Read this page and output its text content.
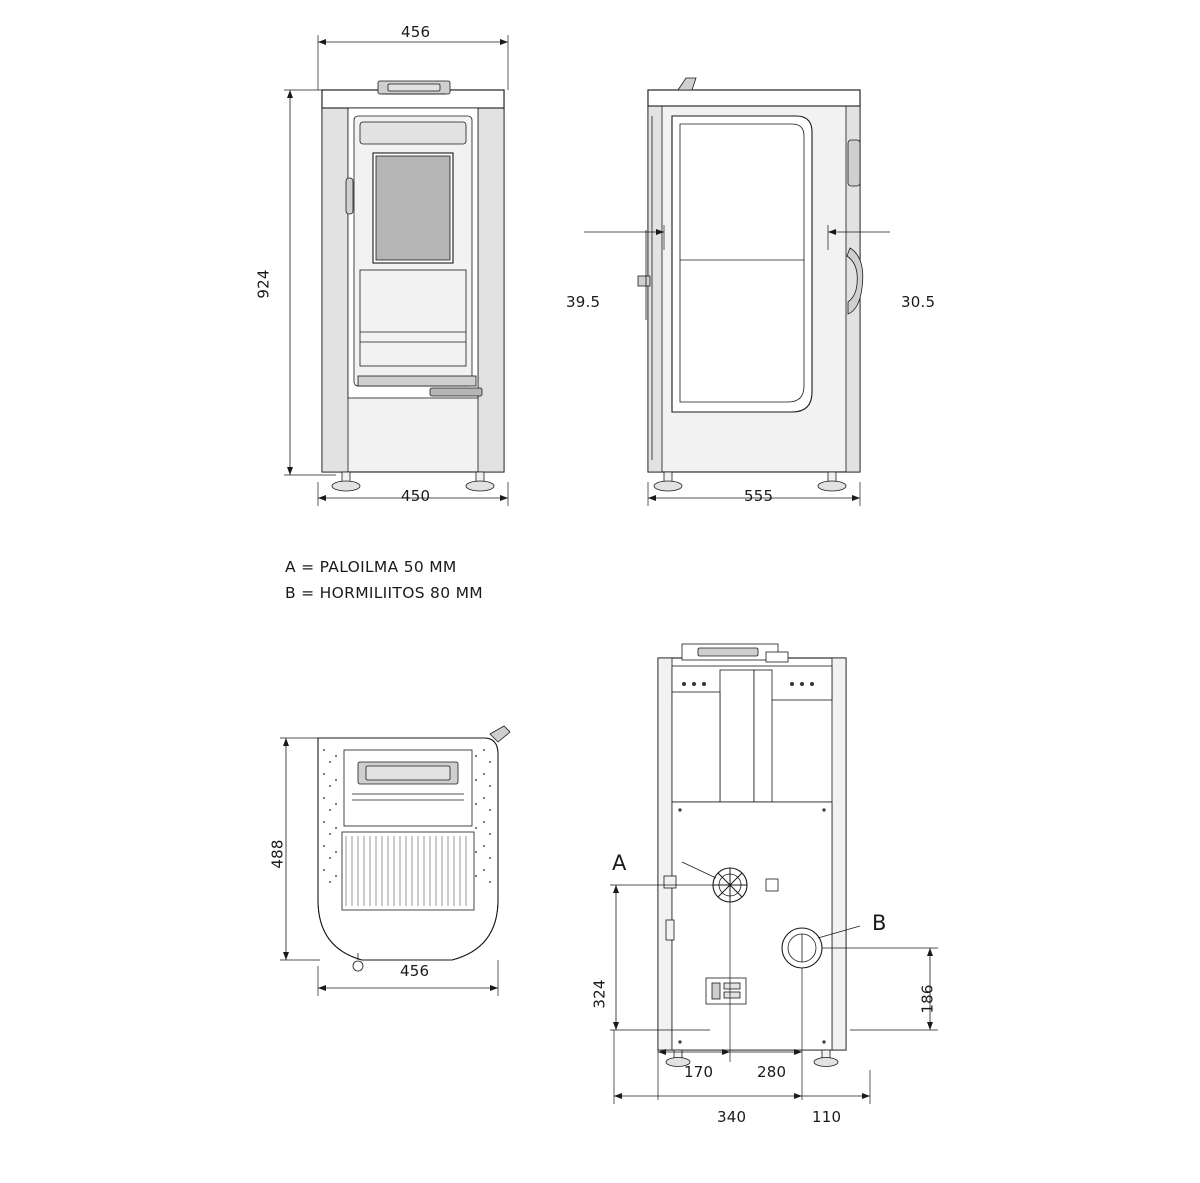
456
924
450
39.5	30.5
555
A = PALOILMA 50 MM
B = HORMILIITOS 80 MM
488
456
A
B
324	186
170	280
340	110
